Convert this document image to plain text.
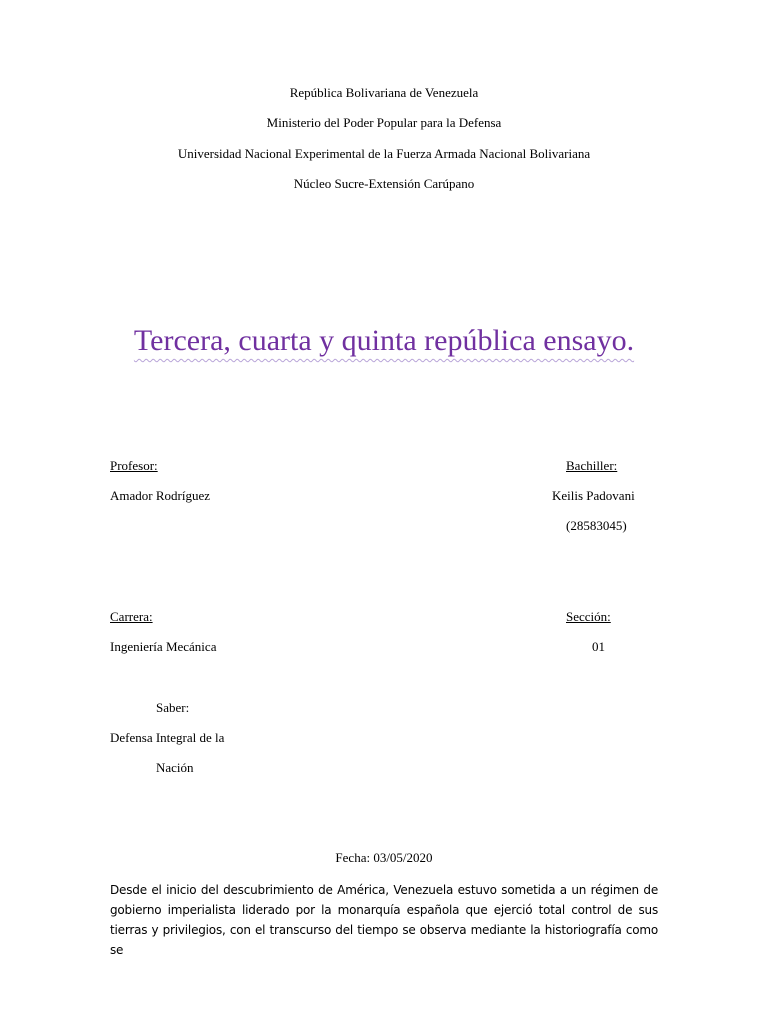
República Bolivariana de Venezuela
Ministerio del Poder Popular para la Defensa
Universidad Nacional Experimental de la Fuerza Armada Nacional Bolivariana
Núcleo Sucre-Extensión Carúpano
Tercera, cuarta y quinta república ensayo.
Profesor:
Amador Rodríguez
Bachiller:
Keilis Padovani
(28583045)
Carrera:
Ingeniería Mecánica
Sección:
01
Saber:
Defensa Integral de la
Nación
Fecha: 03/05/2020
Desde el inicio del descubrimiento de América, Venezuela estuvo sometida a un régimen de gobierno imperialista liderado por la monarquía española que ejerció total control de sus tierras y privilegios, con el transcurso del tiempo se observa mediante la historiografía como se
